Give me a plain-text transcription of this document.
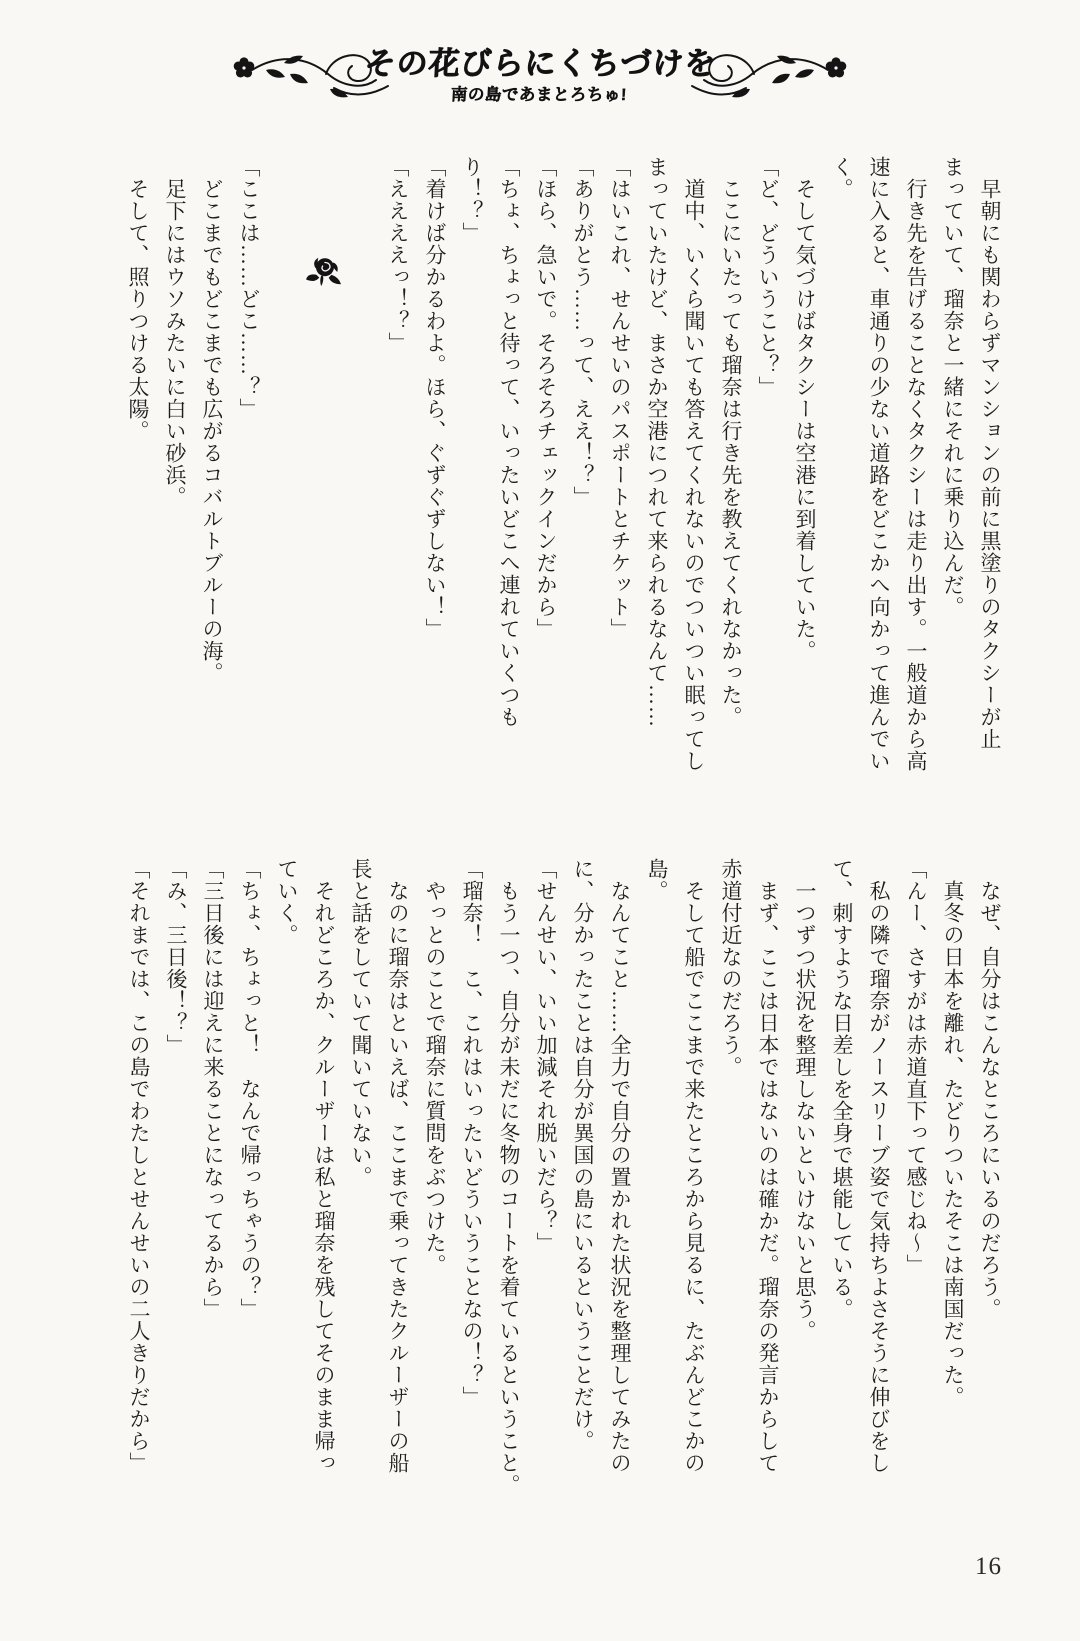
その花びらにくちづけを
南の島であまとろちゅ!

早朝にも関わらずマンションの前に黒塗りのタクシーが止

まっていて、瑠奈と一緒にそれに乗り込んだ。

行き先を告げることなくタクシーは走り出す。一般道から高

速に入ると、車通りの少ない道路をどこかへ向かって進んでい

く。

そして気づけばタクシーは空港に到着していた。

「ど、どういうこと？」

ここにいたっても瑠奈は行き先を教えてくれなかった。

道中、いくら聞いても答えてくれないのでついつい眠ってし

まっていたけど、まさか空港につれて来られるなんて……

「はいこれ、せんせいのパスポートとチケット」

「ありがとう……って、ええ！？」

「ほら、急いで。そろそろチェックインだから」

「ちょ、ちょっと待って、いったいどこへ連れていくつも

り！？」

「着けば分かるわよ。ほら、ぐずぐずしない！」

「ええええっ！？」

「ここは……どこ……？」

どこまでもどこまでも広がるコバルトブルーの海。

足下にはウソみたいに白い砂浜。

そして、照りつける太陽。

なぜ、自分はこんなところにいるのだろう。

真冬の日本を離れ、たどりついたそこは南国だった。

「んー、さすがは赤道直下って感じね〜」

私の隣で瑠奈がノースリーブ姿で気持ちよさそうに伸びをし

て、刺すような日差しを全身で堪能している。

一つずつ状況を整理しないといけないと思う。

まず、ここは日本ではないのは確かだ。瑠奈の発言からして

赤道付近なのだろう。

そして船でここまで来たところから見るに、たぶんどこかの

島。

なんてこと……全力で自分の置かれた状況を整理してみたの

に、分かったことは自分が異国の島にいるということだけ。

「せんせい、いい加減それ脱いだら？」

もう一つ、自分が未だに冬物のコートを着ているということ。

「瑠奈！　こ、これはいったいどういうことなの！？」

やっとのことで瑠奈に質問をぶつけた。

なのに瑠奈はといえば、ここまで乗ってきたクルーザーの船

長と話をしていて聞いていない。

それどころか、クルーザーは私と瑠奈を残してそのまま帰っ

ていく。

「ちょ、ちょっと！　なんで帰っちゃうの？」

「三日後には迎えに来ることになってるから」

「み、三日後！？」

「それまでは、この島でわたしとせんせいの二人きりだから」

16
